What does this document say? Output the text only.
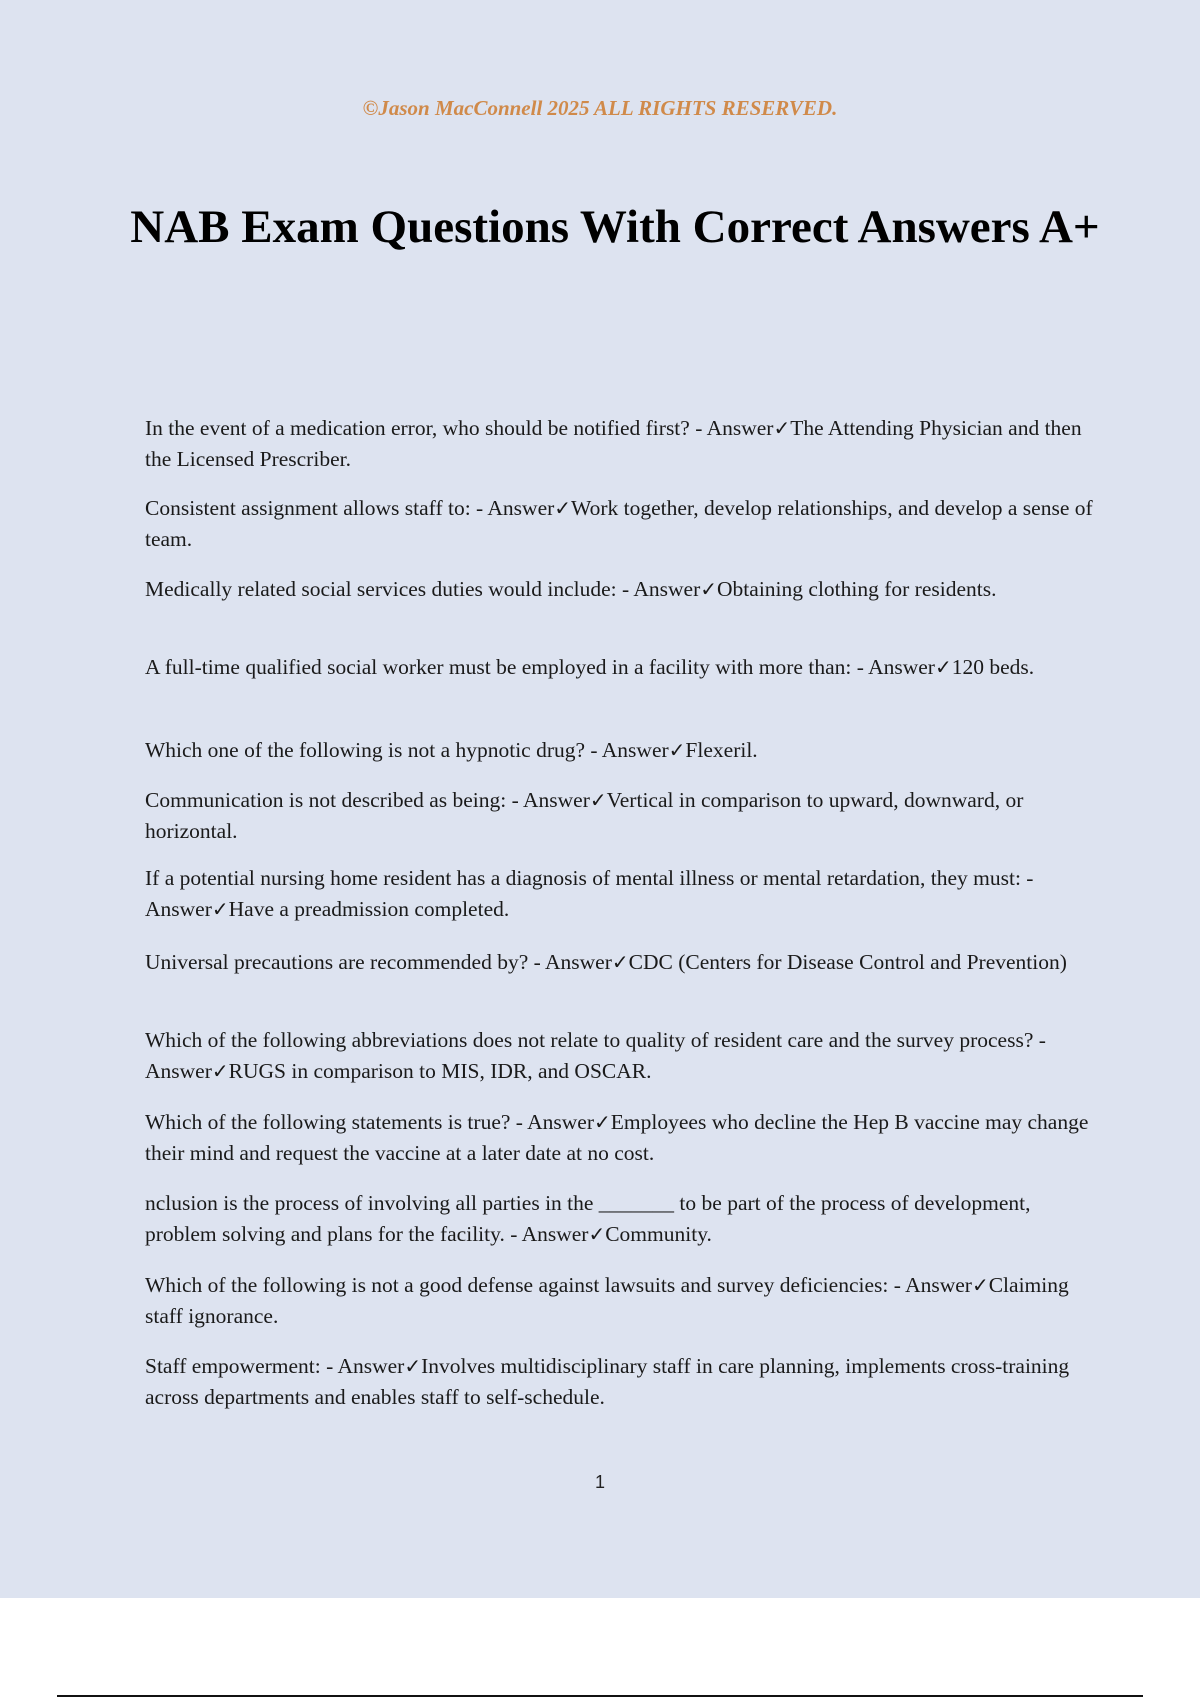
©Jason MacConnell 2025 ALL RIGHTS RESERVED.
NAB Exam Questions With Correct Answers A+
In the event of a medication error, who should be notified first? - Answer✓The Attending Physician and then the Licensed Prescriber.
Consistent assignment allows staff to: - Answer✓Work together, develop relationships, and develop a sense of team.
Medically related social services duties would include: - Answer✓Obtaining clothing for residents.
A full-time qualified social worker must be employed in a facility with more than: - Answer✓120 beds.
Which one of the following is not a hypnotic drug? - Answer✓Flexeril.
Communication is not described as being: - Answer✓Vertical in comparison to upward, downward, or horizontal.
If a potential nursing home resident has a diagnosis of mental illness or mental retardation, they must: - Answer✓Have a preadmission completed.
Universal precautions are recommended by? - Answer✓CDC (Centers for Disease Control and Prevention)
Which of the following abbreviations does not relate to quality of resident care and the survey process? - Answer✓RUGS in comparison to MIS, IDR, and OSCAR.
Which of the following statements is true? - Answer✓Employees who decline the Hep B vaccine may change their mind and request the vaccine at a later date at no cost.
nclusion is the process of involving all parties in the _______ to be part of the process of development, problem solving and plans for the facility. - Answer✓Community.
Which of the following is not a good defense against lawsuits and survey deficiencies: - Answer✓Claiming staff ignorance.
Staff empowerment: - Answer✓Involves multidisciplinary staff in care planning, implements cross-training across departments and enables staff to self-schedule.
1
